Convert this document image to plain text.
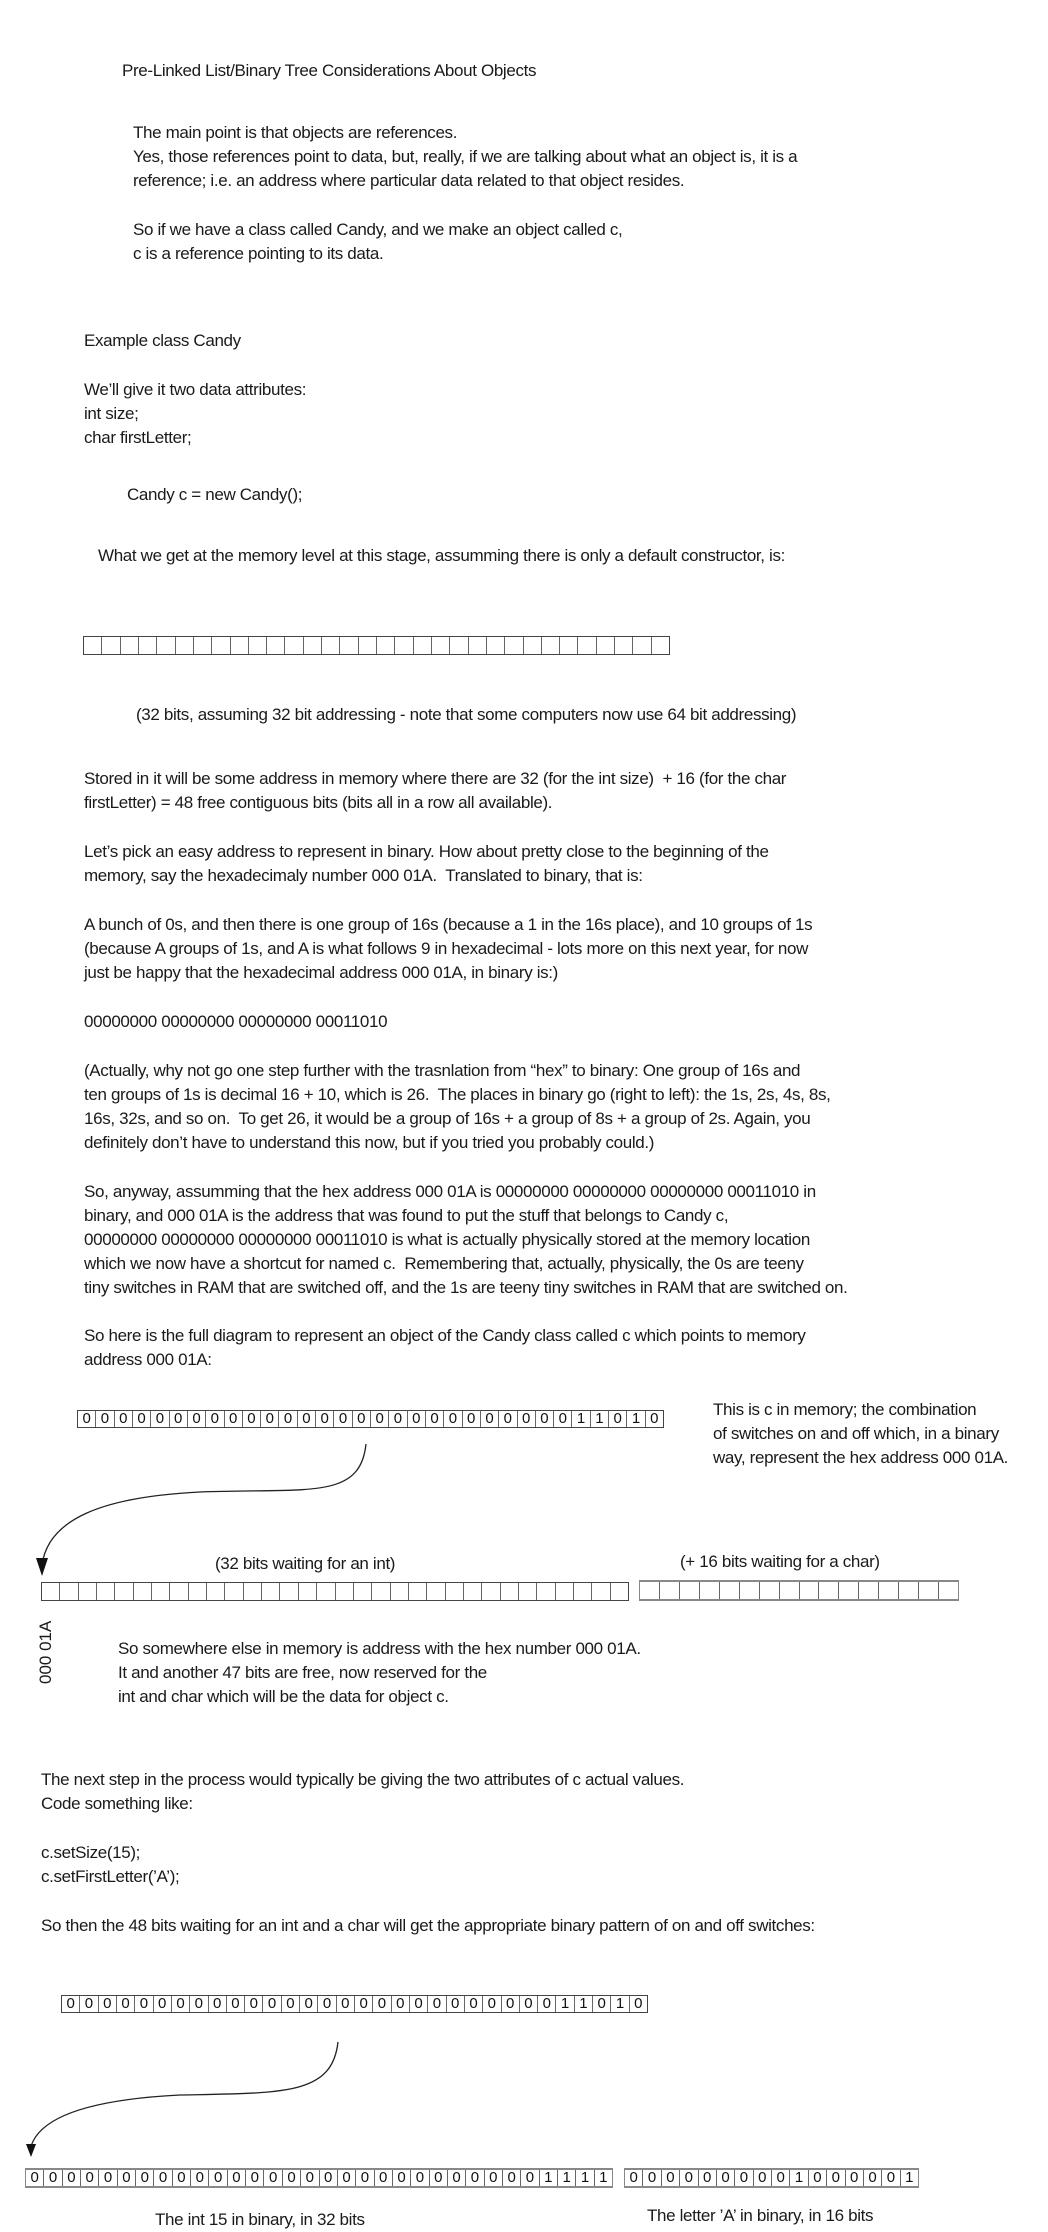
Pre-Linked List/Binary Tree Considerations About Objects
The main point is that objects are references.
Yes, those references point to data, but, really, if we are talking about what an object is, it is a
reference; i.e. an address where particular data related to that object resides.
So if we have a class called Candy, and we make an object called c,
c is a reference pointing to its data.
Example class Candy
We’ll give it two data attributes:
int size;
char firstLetter;
Candy c = new Candy();
What we get at the memory level at this stage, assumming there is only a default constructor, is:
(32 bits, assuming 32 bit addressing - note that some computers now use 64 bit addressing)
Stored in it will be some address in memory where there are 32 (for the int size)  + 16 (for the char
firstLetter) = 48 free contiguous bits (bits all in a row all available).
Let’s pick an easy address to represent in binary. How about pretty close to the beginning of the
memory, say the hexadecimaly number 000 01A.  Translated to binary, that is:
A bunch of 0s, and then there is one group of 16s (because a 1 in the 16s place), and 10 groups of 1s
(because A groups of 1s, and A is what follows 9 in hexadecimal - lots more on this next year, for now
just be happy that the hexadecimal address 000 01A, in binary is:)
00000000 00000000 00000000 00011010
(Actually, why not go one step further with the trasnlation from “hex” to binary: One group of 16s and
ten groups of 1s is decimal 16 + 10, which is 26.  The places in binary go (right to left): the 1s, 2s, 4s, 8s,
16s, 32s, and so on.  To get 26, it would be a group of 16s + a group of 8s + a group of 2s. Again, you
definitely don’t have to understand this now, but if you tried you probably could.)
So, anyway, assumming that the hex address 000 01A is 00000000 00000000 00000000 00011010 in
binary, and 000 01A is the address that was found to put the stuff that belongs to Candy c,
00000000 00000000 00000000 00011010 is what is actually physically stored at the memory location
which we now have a shortcut for named c.  Remembering that, actually, physically, the 0s are teeny
tiny switches in RAM that are switched off, and the 1s are teeny tiny switches in RAM that are switched on.
So here is the full diagram to represent an object of the Candy class called c which points to memory
address 000 01A:
0 0 0 0 0 0 0 0 0 0 0 0 0 0 0 0 0 0 0 0 0 0 0 0 0 0 0 1 1 0 1 0	This is c in memory; the combination
of switches on and off which, in a binary
way, represent the hex address 000 01A.
(32 bits waiting for an int)	(+ 16 bits waiting for a char)
000 01A	So somewhere else in memory is address with the hex number 000 01A.
It and another 47 bits are free, now reserved for the
int and char which will be the data for object c.
The next step in the process would typically be giving the two attributes of c actual values.
Code something like:
c.setSize(15);
c.setFirstLetter(’A’);
So then the 48 bits waiting for an int and a char will get the appropriate binary pattern of on and off switches:
0 0 0 0 0 0 0 0 0 0 0 0 0 0 0 0 0 0 0 0 0 0 0 0 0 0 0 1 1 0 1 0
0 0 0 0 0 0 0 0 0 0 0 0 0 0 0 0 0 0 0 0 0 0 0 0 0 0 0 0 1 1 1 1	0 0 0 0 0 0 0 0 0 1 0 0 0 0 0 1
The int 15 in binary, in 32 bits	The letter ’A’ in binary, in 16 bits
